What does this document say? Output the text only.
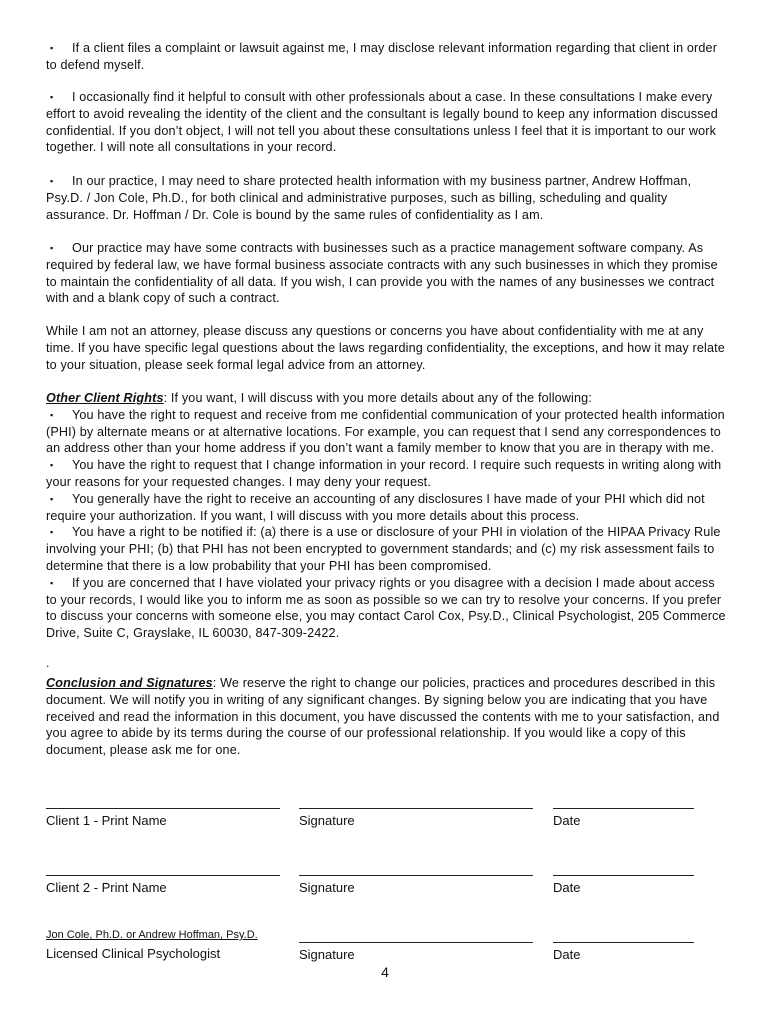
▪ If a client files a complaint or lawsuit against me, I may disclose relevant information regarding that client in order to defend myself.

▪ I occasionally find it helpful to consult with other professionals about a case. In these consultations I make every effort to avoid revealing the identity of the client and the consultant is legally bound to keep any information discussed confidential. If you don’t object, I will not tell you about these consultations unless I feel that it is important to our work together. I will note all consultations in your record.

▪ In our practice, I may need to share protected health information with my business partner, Andrew Hoffman, Psy.D. / Jon Cole, Ph.D., for both clinical and administrative purposes, such as billing, scheduling and quality assurance. Dr. Hoffman / Dr. Cole is bound by the same rules of confidentiality as I am.

▪ Our practice may have some contracts with businesses such as a practice management software company. As required by federal law, we have formal business associate contracts with any such businesses in which they promise to maintain the confidentiality of all data. If you wish, I can provide you with the names of any businesses we contract with and a blank copy of such a contract.

While I am not an attorney, please discuss any questions or concerns you have about confidentiality with me at any time. If you have specific legal questions about the laws regarding confidentiality, the exceptions, and how it may relate to your situation, please seek formal legal advice from an attorney.

Other Client Rights: If you want, I will discuss with you more details about any of the following:
▪ You have the right to request and receive from me confidential communication of your protected health information (PHI) by alternate means or at alternative locations. For example, you can request that I send any correspondences to an address other than your home address if you don’t want a family member to know that you are in therapy with me.
▪ You have the right to request that I change information in your record. I require such requests in writing along with your reasons for your requested changes. I may deny your request.
▪ You generally have the right to receive an accounting of any disclosures I have made of your PHI which did not require your authorization. If you want, I will discuss with you more details about this process.
▪ You have a right to be notified if: (a) there is a use or disclosure of your PHI in violation of the HIPAA Privacy Rule involving your PHI; (b) that PHI has not been encrypted to government standards; and (c) my risk assessment fails to determine that there is a low probability that your PHI has been compromised.
▪ If you are concerned that I have violated your privacy rights or you disagree with a decision I made about access to your records, I would like you to inform me as soon as possible so we can try to resolve your concerns. If you prefer to discuss your concerns with someone else, you may contact Carol Cox, Psy.D., Clinical Psychologist, 205 Commerce Drive, Suite C, Grayslake, IL 60030, 847-309-2422.
.

Conclusion and Signatures: We reserve the right to change our policies, practices and procedures described in this document. We will notify you in writing of any significant changes. By signing below you are indicating that you have received and read the information in this document, you have discussed the contents with me to your satisfaction, and you agree to abide by its terms during the course of our professional relationship. If you would like a copy of this document, please ask me for one.

Client 1 - Print Name	Signature	Date
Client 2 - Print Name	Signature	Date
Jon Cole, Ph.D. or Andrew Hoffman, Psy.D.
Licensed Clinical Psychologist	Signature	Date
4
